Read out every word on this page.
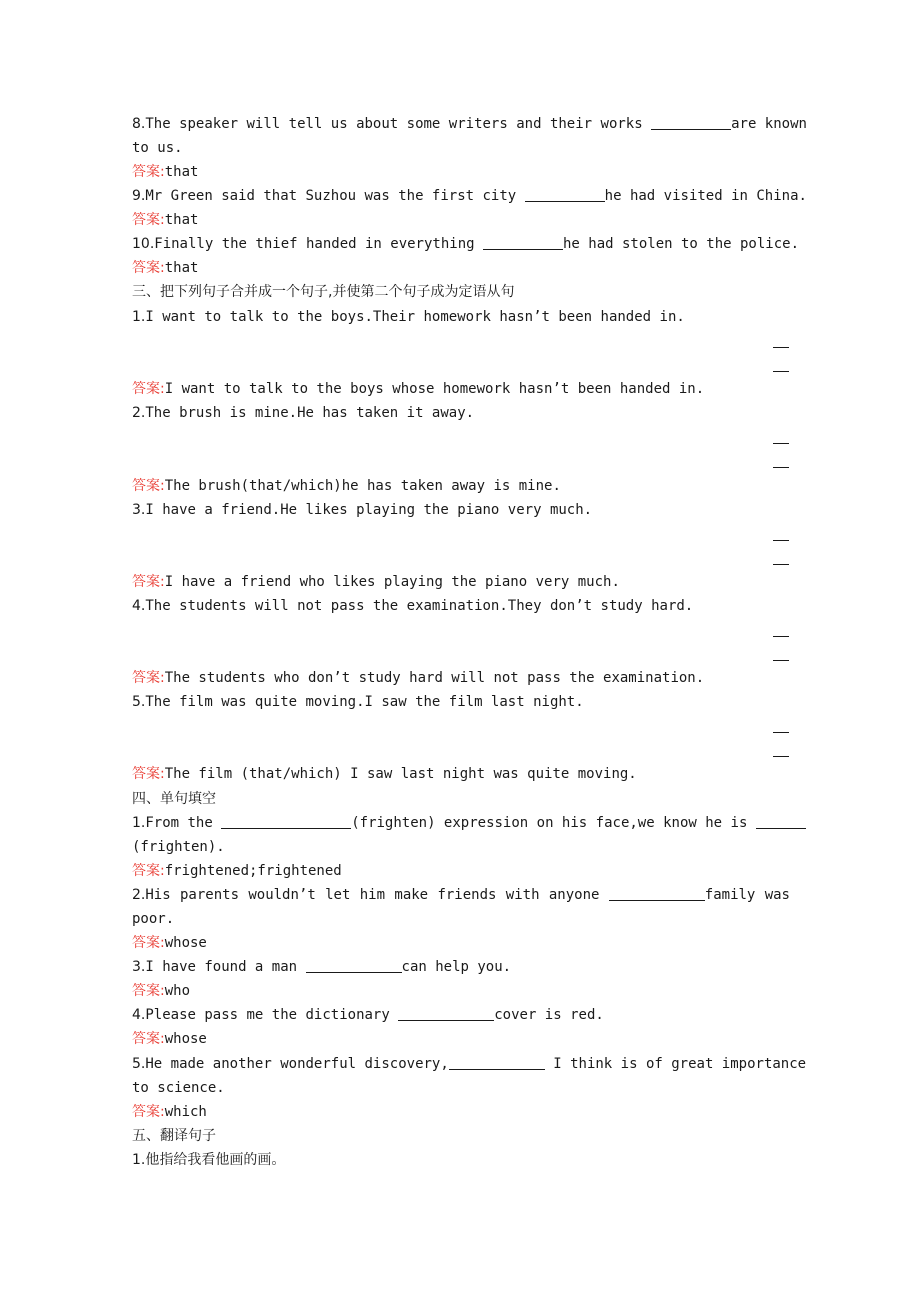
8.The speaker will tell us about some writers and their works	are known
to us.
答案:that
9.Mr Green said that Suzhou was the first city	he had visited in China.
答案:that
10.Finally the thief handed in everything	he had stolen to the police.
答案:that
三、把下列句子合并成一个句子,并使第二个句子成为定语从句
1.I want to talk to the boys.Their homework hasn’t been handed in.
答案:I want to talk to the boys whose homework hasn’t been handed in.
2.The brush is mine.He has taken it away.
答案:The brush(that/which)he has taken away is mine.
3.I have a friend.He likes playing the piano very much.
答案:I have a friend who likes playing the piano very much.
4.The students will not pass the examination.They don’t study hard.
答案:The students who don’t study hard will not pass the examination.
5.The film was quite moving.I saw the film last night.
答案:The film (that/which) I saw last night was quite moving.
四、单句填空
1.From the	(frighten) expression on his face,we know he is
(frighten).
答案:frightened;frightened
2.His parents wouldn’t let him make friends with anyone	family was
poor.
答案:whose
3.I have found a man	can help you.
答案:who
4.Please pass me the dictionary	cover is red.
答案:whose
5.He made another wonderful discovery,	I think is of great importance
to science.
答案:which
五、翻译句子
1.他指给我看他画的画。
